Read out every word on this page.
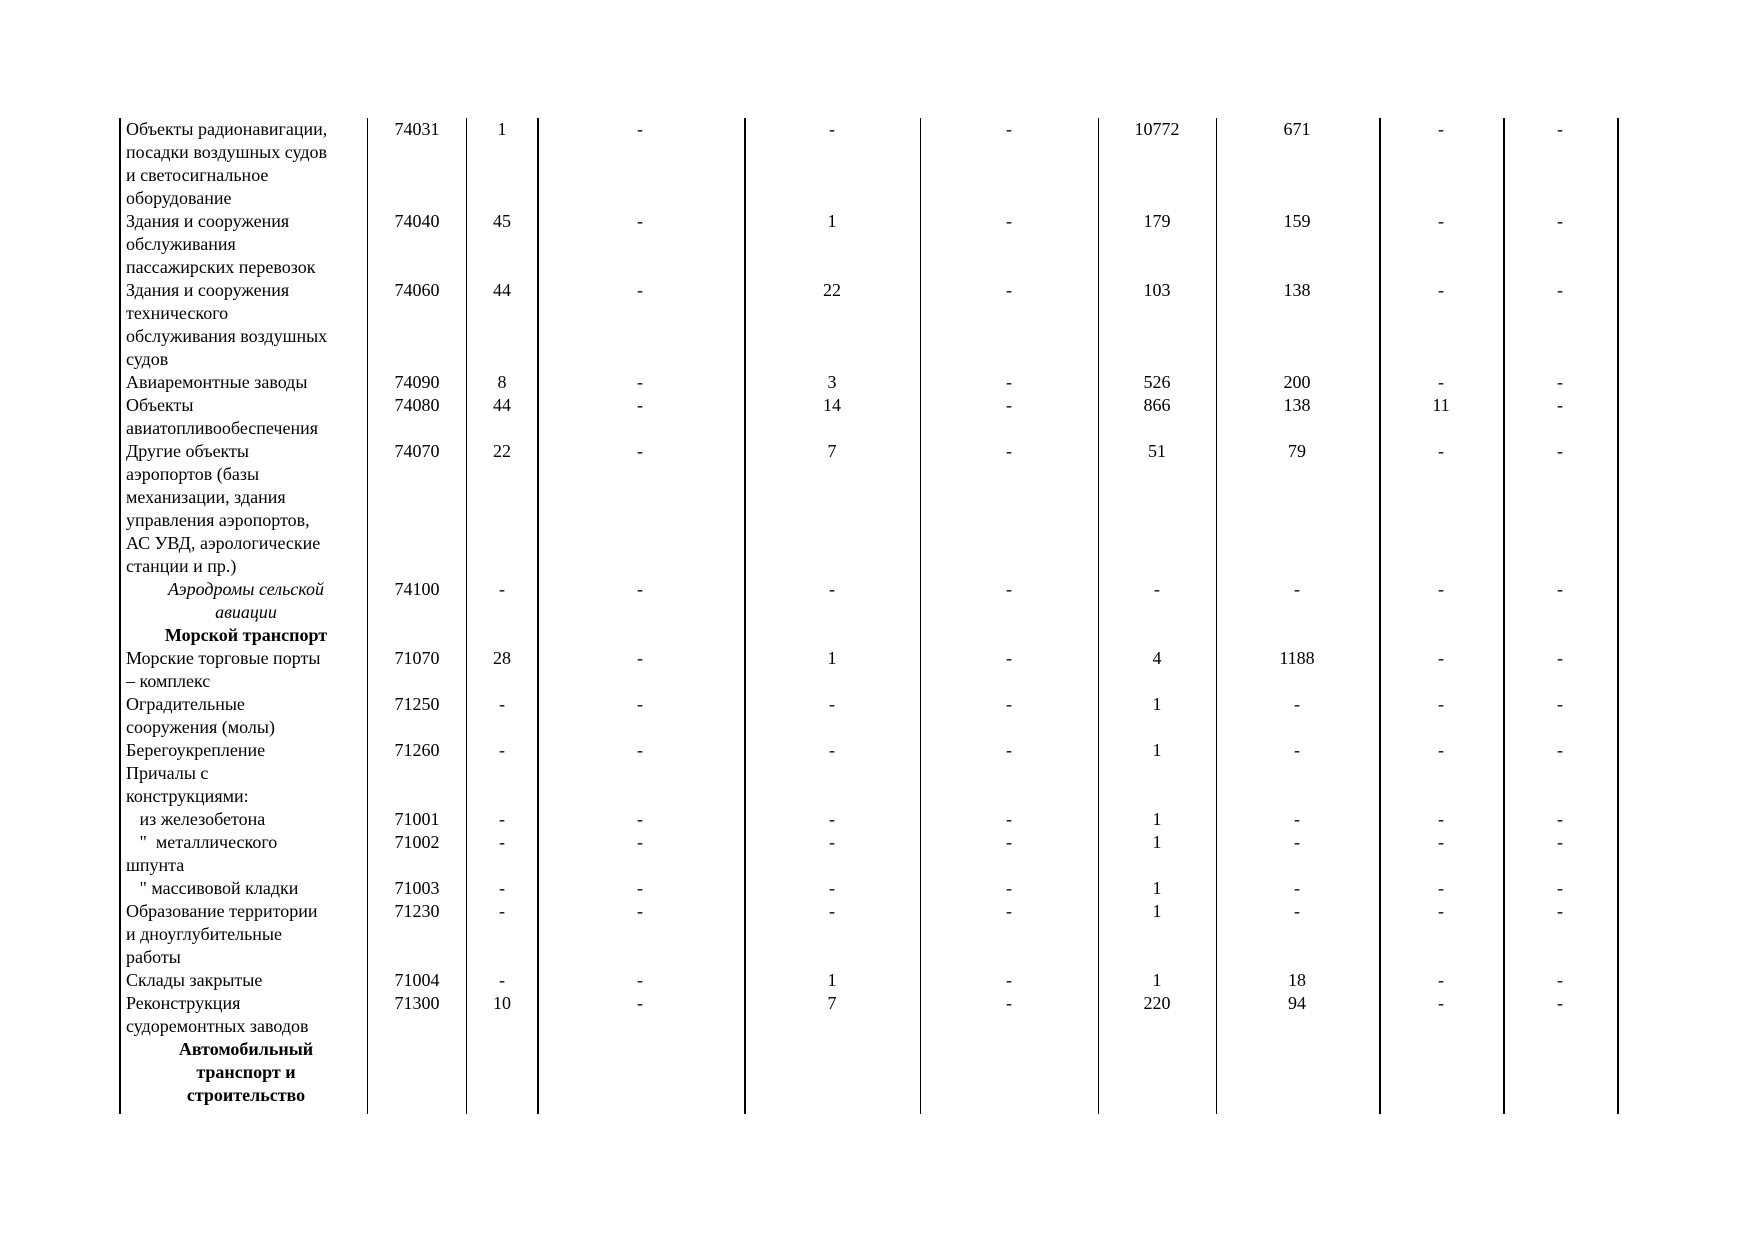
Объекты радионавигации,
посадки воздушных судов
и светосигнальное
оборудование
74031	1	-	-	-	10772	671	-	-
Здания и сооружения
обслуживания
пассажирских перевозок
74040	45	-	1	-	179	159	-	-
Здания и сооружения
технического
обслуживания воздушных
судов
74060	44	-	22	-	103	138	-	-
Авиаремонтные заводы	74090	8	-	3	-	526	200	-	-
Объекты
авиатопливообеспечения
74080	44	-	14	-	866	138	11	-
Другие объекты
аэропортов (базы
механизации, здания
управления аэропортов,
АС УВД, аэрологические
станции и пр.)
74070	22	-	7	-	51	79	-	-
Аэродромы сельской
авиации
74100	-	-	-	-	-	-	-	-
Морской транспорт
Морские торговые порты
– комплекс
71070	28	-	1	-	4	1188	-	-
Оградительные
сооружения (молы)
71250	-	-	-	-	1	-	-	-
Берегоукрепление	71260	-	-	-	-	1	-	-	-
Причалы с
конструкциями:
из железобетона	71001	-	-	-	-	1	-	-	-
"  металлического
шпунта
71002	-	-	-	-	1	-	-	-
" массивовой кладки	71003	-	-	-	-	1	-	-	-
Образование территории
и дноуглубительные
работы
71230	-	-	-	-	1	-	-	-
Склады закрытые	71004	-	-	1	-	1	18	-	-
Реконструкция
судоремонтных заводов
71300	10	-	7	-	220	94	-	-
Автомобильный
транспорт и
строительство
